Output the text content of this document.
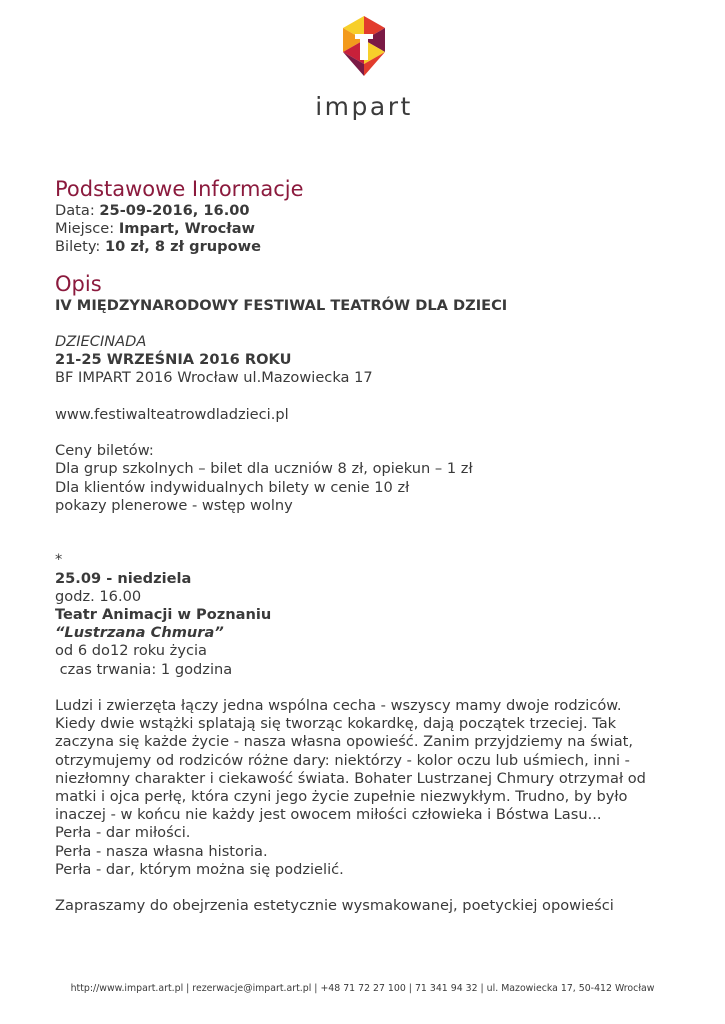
impart
Podstawowe Informacje
Data: 25-09-2016, 16.00
Miejsce: Impart, Wrocław
Bilety: 10 zł, 8 zł grupowe
Opis
IV MIĘDZYNARODOWY FESTIWAL TEATRÓW DLA DZIECI
DZIECINADA
21-25 WRZEŚNIA 2016 ROKU
BF IMPART 2016 Wrocław ul.Mazowiecka 17
www.festiwalteatrowdladzieci.pl
Ceny biletów:
Dla grup szkolnych – bilet dla uczniów 8 zł, opiekun – 1 zł
Dla klientów indywidualnych bilety w cenie 10 zł
pokazy plenerowe - wstęp wolny
*
25.09 - niedziela
godz. 16.00
Teatr Animacji w Poznaniu
“Lustrzana Chmura”
od 6 do12 roku życia
czas trwania: 1 godzina
Ludzi i zwierzęta łączy jedna wspólna cecha - wszyscy mamy dwoje rodziców.
Kiedy dwie wstążki splatają się tworząc kokardkę, dają początek trzeciej. Tak
zaczyna się każde życie - nasza własna opowieść. Zanim przyjdziemy na świat,
otrzymujemy od rodziców różne dary: niektórzy - kolor oczu lub uśmiech, inni -
niezłomny charakter i ciekawość świata. Bohater Lustrzanej Chmury otrzymał od
matki i ojca perłę, która czyni jego życie zupełnie niezwykłym. Trudno, by było
inaczej - w końcu nie każdy jest owocem miłości człowieka i Bóstwa Lasu...
Perła - dar miłości.
Perła - nasza własna historia.
Perła - dar, którym można się podzielić.
Zapraszamy do obejrzenia estetycznie wysmakowanej, poetyckiej opowieści
http://www.impart.art.pl | rezerwacje@impart.art.pl | +48 71 72 27 100 | 71 341 94 32 | ul. Mazowiecka 17, 50-412 Wrocław
